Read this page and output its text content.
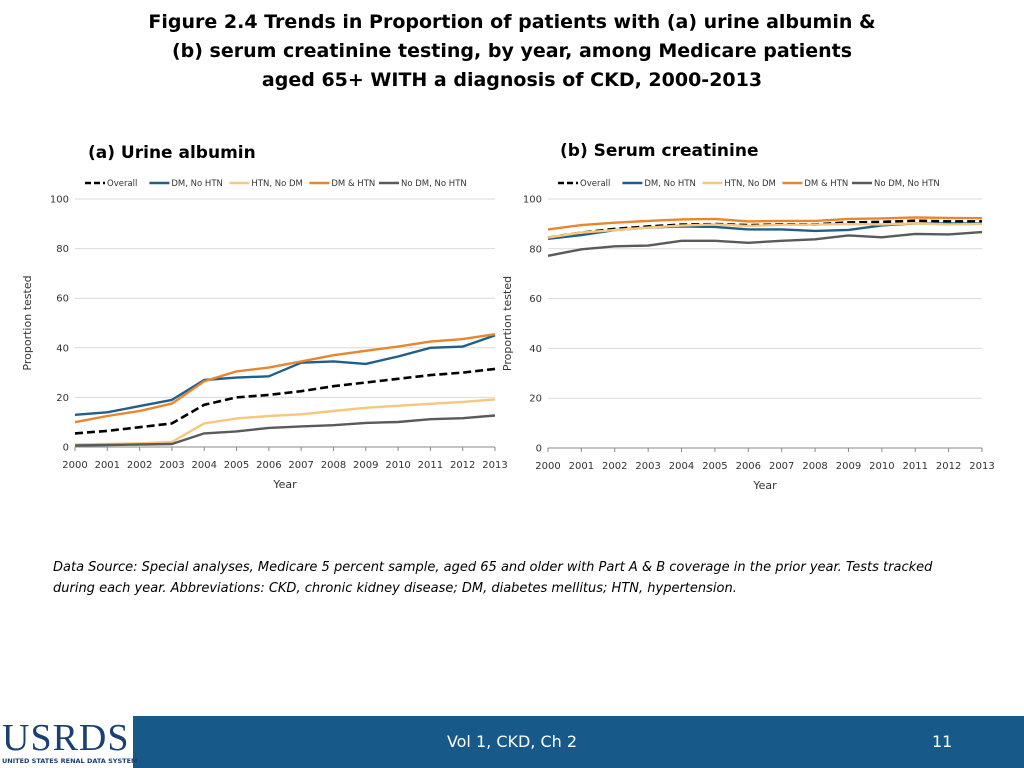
Figure 2.4 Trends in Proportion of patients with (a) urine albumin &
(b) serum creatinine testing, by year, among Medicare patients
aged 65+ WITH a diagnosis of CKD, 2000-2013
(a) Urine albumin	(b) Serum creatinine
0
20
40
60
80
100
2000 2001 2002 2003 2004 2005 2006 2007 2008 2009 2010 2011 2012 2013
Year
Proportion tested
Overall	DM, No HTN	HTN, No DM	DM & HTN	No DM, No HTN
0
20
40
60
80
100
2000 2001 2002 2003 2004 2005 2006 2007 2008 2009 2010 2011 2012 2013
Year
Proportion tested
Overall	DM, No HTN	HTN, No DM	DM & HTN	No DM, No HTN
Data Source: Special analyses, Medicare 5 percent sample, aged 65 and older with Part A & B coverage in the prior year. Tests tracked during each year. Abbreviations: CKD, chronic kidney disease; DM, diabetes mellitus; HTN, hypertension.
USRDS
UNITED STATES RENAL DATA SYSTEM
Vol 1, CKD, Ch 2	11
